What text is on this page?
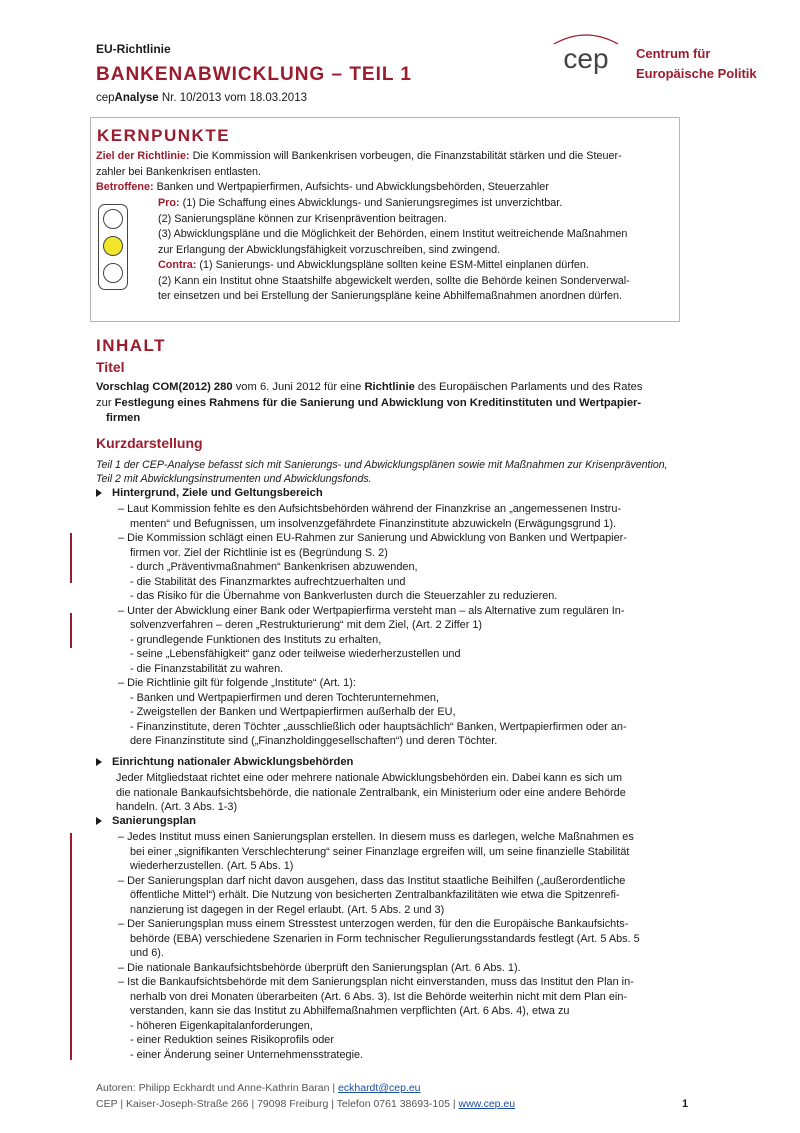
EU-Richtlinie
BANKENABWICKLUNG – TEIL 1
cepAnalyse Nr. 10/2013 vom 18.03.2013
cep Centrum für
Europäische Politik
KERNPUNKTE
Ziel der Richtlinie: Die Kommission will Bankenkrisen vorbeugen, die Finanzstabilität stärken und die Steuer-
zahler bei Bankenkrisen entlasten.
Betroffene: Banken und Wertpapierfirmen, Aufsichts- und Abwicklungsbehörden, Steuerzahler
Pro: (1) Die Schaffung eines Abwicklungs- und Sanierungsregimes ist unverzichtbar.
(2) Sanierungspläne können zur Krisenprävention beitragen.
(3) Abwicklungspläne und die Möglichkeit der Behörden, einem Institut weitreichende Maßnahmen
zur Erlangung der Abwicklungsfähigkeit vorzuschreiben, sind zwingend.
Contra: (1) Sanierungs- und Abwicklungspläne sollten keine ESM-Mittel einplanen dürfen.
(2) Kann ein Institut ohne Staatshilfe abgewickelt werden, sollte die Behörde keinen Sonderverwal-
ter einsetzen und bei Erstellung der Sanierungspläne keine Abhilfemaßnahmen anordnen dürfen.
INHALT
Titel
Vorschlag COM(2012) 280 vom 6. Juni 2012 für eine Richtlinie des Europäischen Parlaments und des Rates
zur Festlegung eines Rahmens für die Sanierung und Abwicklung von Kreditinstituten und Wertpapier-
firmen
Kurzdarstellung
Teil 1 der CEP-Analyse befasst sich mit Sanierungs- und Abwicklungsplänen sowie mit Maßnahmen zur Krisenprävention,
Teil 2 mit Abwicklungsinstrumenten und Abwicklungsfonds.
Hintergrund, Ziele und Geltungsbereich
– Laut Kommission fehlte es den Aufsichtsbehörden während der Finanzkrise an „angemessenen Instru-
menten“ und Befugnissen, um insolvenzgefährdete Finanzinstitute abzuwickeln (Erwägungsgrund 1).
– Die Kommission schlägt einen EU-Rahmen zur Sanierung und Abwicklung von Banken und Wertpapier-
firmen vor. Ziel der Richtlinie ist es (Begründung S. 2)
- durch „Präventivmaßnahmen“ Bankenkrisen abzuwenden,
- die Stabilität des Finanzmarktes aufrechtzuerhalten und
- das Risiko für die Übernahme von Bankverlusten durch die Steuerzahler zu reduzieren.
– Unter der Abwicklung einer Bank oder Wertpapierfirma versteht man – als Alternative zum regulären In-
solvenzverfahren – deren „Restrukturierung“ mit dem Ziel, (Art. 2 Ziffer 1)
- grundlegende Funktionen des Instituts zu erhalten,
- seine „Lebensfähigkeit“ ganz oder teilweise wiederherzustellen und
- die Finanzstabilität zu wahren.
– Die Richtlinie gilt für folgende „Institute“ (Art. 1):
- Banken und Wertpapierfirmen und deren Tochterunternehmen,
- Zweigstellen der Banken und Wertpapierfirmen außerhalb der EU,
- Finanzinstitute, deren Töchter „ausschließlich oder hauptsächlich“ Banken, Wertpapierfirmen oder an-
dere Finanzinstitute sind („Finanzholdinggesellschaften“) und deren Töchter.
Einrichtung nationaler Abwicklungsbehörden
Jeder Mitgliedstaat richtet eine oder mehrere nationale Abwicklungsbehörden ein. Dabei kann es sich um
die nationale Bankaufsichtsbehörde, die nationale Zentralbank, ein Ministerium oder eine andere Behörde
handeln. (Art. 3 Abs. 1-3)
Sanierungsplan
– Jedes Institut muss einen Sanierungsplan erstellen. In diesem muss es darlegen, welche Maßnahmen es
bei einer „signifikanten Verschlechterung“ seiner Finanzlage ergreifen will, um seine finanzielle Stabilität
wiederherzustellen. (Art. 5 Abs. 1)
– Der Sanierungsplan darf nicht davon ausgehen, dass das Institut staatliche Beihilfen („außerordentliche
öffentliche Mittel“) erhält. Die Nutzung von besicherten Zentralbankfazilitäten wie etwa die Spitzenrefi-
nanzierung ist dagegen in der Regel erlaubt. (Art. 5 Abs. 2 und 3)
– Der Sanierungsplan muss einem Stresstest unterzogen werden, für den die Europäische Bankaufsichts-
behörde (EBA) verschiedene Szenarien in Form technischer Regulierungsstandards festlegt (Art. 5 Abs. 5
und 6).
– Die nationale Bankaufsichtsbehörde überprüft den Sanierungsplan (Art. 6 Abs. 1).
– Ist die Bankaufsichtsbehörde mit dem Sanierungsplan nicht einverstanden, muss das Institut den Plan in-
nerhalb von drei Monaten überarbeiten (Art. 6 Abs. 3). Ist die Behörde weiterhin nicht mit dem Plan ein-
verstanden, kann sie das Institut zu Abhilfemaßnahmen verpflichten (Art. 6 Abs. 4), etwa zu
- höheren Eigenkapitalanforderungen,
- einer Reduktion seines Risikoprofils oder
- einer Änderung seiner Unternehmensstrategie.
Autoren: Philipp Eckhardt und Anne-Kathrin Baran | eckhardt@cep.eu
CEP | Kaiser-Joseph-Straße 266 | 79098 Freiburg | Telefon 0761 38693-105 | www.cep.eu	1
